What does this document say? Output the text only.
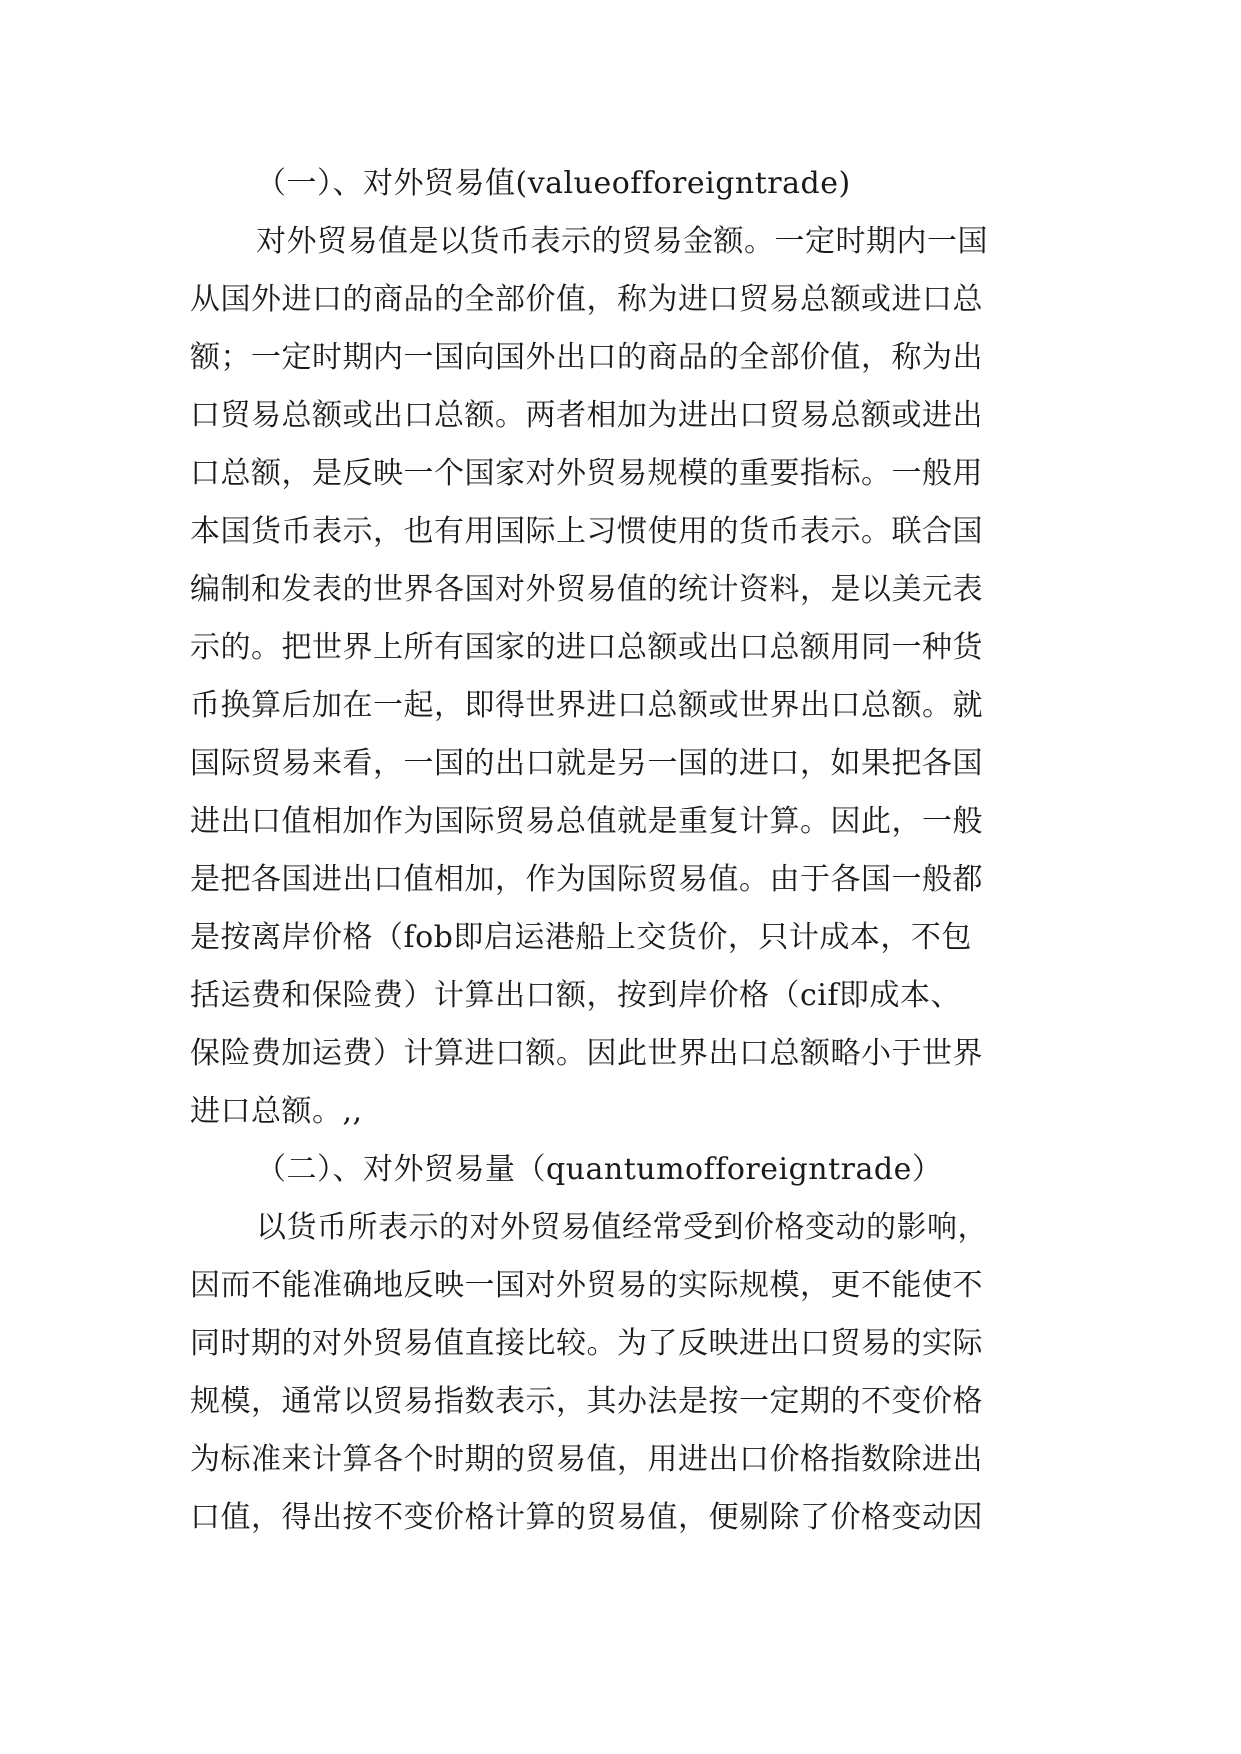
（一）、对外贸易值(valueofforeigntrade)
对外贸易值是以货币表示的贸易金额。一定时期内一国
从国外进口的商品的全部价值，称为进口贸易总额或进口总
额；一定时期内一国向国外出口的商品的全部价值，称为出
口贸易总额或出口总额。两者相加为进出口贸易总额或进出
口总额，是反映一个国家对外贸易规模的重要指标。一般用
本国货币表示，也有用国际上习惯使用的货币表示。联合国
编制和发表的世界各国对外贸易值的统计资料，是以美元表
示的。把世界上所有国家的进口总额或出口总额用同一种货
币换算后加在一起，即得世界进口总额或世界出口总额。就
国际贸易来看，一国的出口就是另一国的进口，如果把各国
进出口值相加作为国际贸易总值就是重复计算。因此，一般
是把各国进出口值相加，作为国际贸易值。由于各国一般都
是按离岸价格（fob即启运港船上交货价，只计成本，不包
括运费和保险费）计算出口额，按到岸价格（cif即成本、
保险费加运费）计算进口额。因此世界出口总额略小于世界
进口总额。,,
（二）、对外贸易量（quantumofforeigntrade）
以货币所表示的对外贸易值经常受到价格变动的影响，
因而不能准确地反映一国对外贸易的实际规模，更不能使不
同时期的对外贸易值直接比较。为了反映进出口贸易的实际
规模，通常以贸易指数表示，其办法是按一定期的不变价格
为标准来计算各个时期的贸易值，用进出口价格指数除进出
口值，得出按不变价格计算的贸易值，便剔除了价格变动因
